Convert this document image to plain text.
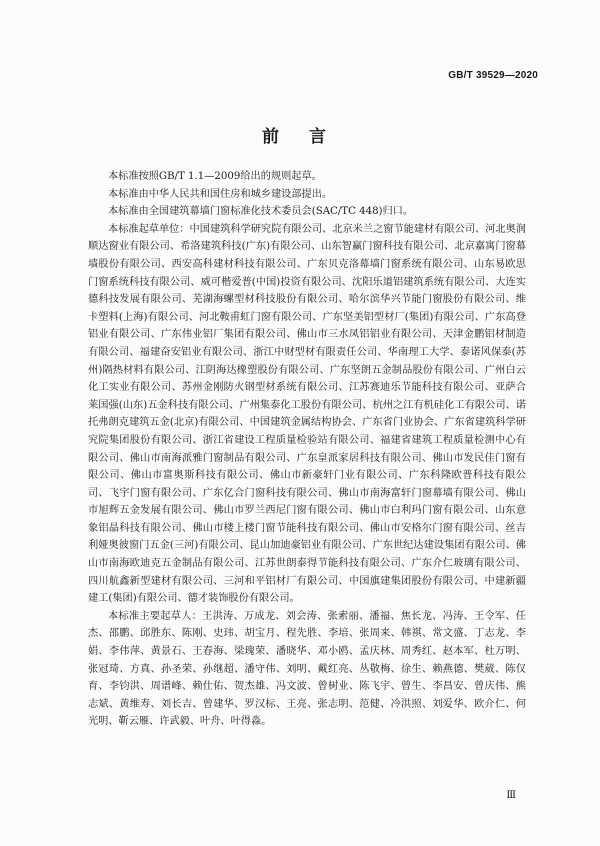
GB/T 39529—2020
前 言

本标准按照GB/T 1.1—2009给出的规则起草。

本标准由中华人民共和国住房和城乡建设部提出。

本标准由全国建筑幕墙门窗标准化技术委员会(SAC/TC 448)归口。

本标准起草单位：中国建筑科学研究院有限公司、北京米兰之窗节能建材有限公司、河北奥润顺达窗业有限公司、希洛建筑科技(广东)有限公司、山东智赢门窗科技有限公司、北京嘉寓门窗幕墙股份有限公司、西安高科建材科技有限公司、广东贝克洛幕墙门窗系统有限公司、山东易欧思门窗系统科技有限公司、威可楷爱普(中国)投资有限公司、沈阳乐道铝建筑系统有限公司、大连实德科技发展有限公司、芜湖海螺型材科技股份有限公司、哈尔滨华兴节能门窗股份有限公司、维卡塑料(上海)有限公司、河北鞍甫虹门窗有限公司、广东坚美铝型材厂(集团)有限公司、广东高登铝业有限公司、广东伟业铝厂集团有限公司、佛山市三水凤铝铝业有限公司、天津金鹏铝材制造有限公司、福建奋安铝业有限公司、浙江中财型材有限责任公司、华南理工大学、泰诺风保泰(苏州)隔热材料有限公司、江阴海达橡塑股份有限公司、广东坚朗五金制品股份有限公司、广州白云化工实业有限公司、苏州金刚防火钢型材系统有限公司、江苏赛迪乐节能科技有限公司、亚萨合莱国强(山东)五金科技有限公司、广州集泰化工股份有限公司、杭州之江有机硅化工有限公司、诺托弗朗克建筑五金(北京)有限公司、中国建筑金属结构协会、广东省门业协会、广东省建筑科学研究院集团股份有限公司、浙江省建设工程质量检验站有限公司、福建省建筑工程质量检测中心有限公司、佛山市南海派雅门窗制品有限公司、广东皇派家居科技有限公司、佛山市发民佳门窗有限公司、佛山市富奥斯科技有限公司、佛山市新豪轩门业有限公司、广东科隆欧普科技有限公司、飞宇门窗有限公司、广东亿合门窗科技有限公司、佛山市南海富轩门窗幕墙有限公司、佛山市旭辉五金发展有限公司、佛山市罗兰西尼门窗有限公司、佛山市白利玛门窗有限公司、山东意象铝晶科技有限公司、佛山市楼上楼门窗节能科技有限公司、佛山市安格尔门窗有限公司、丝吉利娅奥彼窗门五金(三河)有限公司、昆山加迪豪铝业有限公司、广东世纪达建设集团有限公司、佛山市南海欧迪克五金制品有限公司、江苏世朗泰得节能科技有限公司、广东介仁玻璃有限公司、四川航鑫新型建材有限公司、三河和平铝材厂有限公司、中国旗建集团股份有限公司、中建新疆建工(集团)有限公司、德才装饰股份有限公司。

本标准主要起草人：王洪涛、万成龙、刘会涛、张索丽、潘福、焦长龙、冯涛、王令军、任杰、邵鹏、邱胜东、陈刚、史玮、胡宝月、程先胜、李培、张周来、韩祺、常文盛、丁志龙、李娟、李伟萍、黄景石、王春海、梁瑰荣、潘晓华、邓小鸥、孟庆林、周秀红、赵本军、杜万明、张冠琦、方真、孙圣荣、孙继超、潘守伟、刘明、戴红亮、丛敬梅、徐生、赖燕德、樊葳、陈仅育、李钧洪、周谱峰、赖仕佑、贺杰雄、冯文波、曾树业、陈飞宇、曾生、李昌安、曾庆伟、熊志斌、黄维寿、刘长吉、曾建华、罗汉标、王亮、张志明、范健、冷洪照、刘爱华、欧介仁、何光明、靳云雁、许武毅、叶舟、叶得淼。

Ⅲ
